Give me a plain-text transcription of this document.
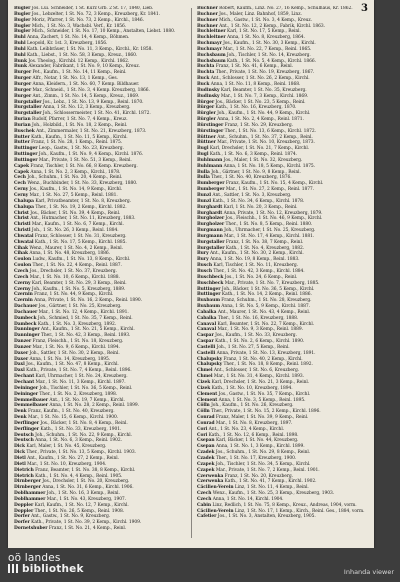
3

Bugler Jos. Lui. Schneider, 1 St. Kurz Grb. 2 St. 17, 1840, Lieb.

Bugler Jos., Lebzelter, 1 St. No. 72, 3 Kemp., Kreuzberg, Kr. 1841.

Bugler Moriz, Pfarrer, 1 St. No. 73, 2 Kemp., Kirchl., 1846.

Bugler Mich., 1 St. No. 3, Wachsbl. Verf., Kr. 1856.

Bugler Mich., Schneider, 1 St. No. 17, 10 Kemp., Anstalten, Liebst. 1880.

Buhl Anna, Zachert, 1 St. No. 14, 4 Kemp., Böhmen.

Buhl Leopold, Kr. 1st. 3, Kreuzberg, 1856.

Buhl Kath. Leibbräuer, 1 St. No. 11, 3 Kemp., Kirchl., Kr. 1858.

Buhl Kath., Liebst., 1 St. No. 58, 3 Kemp., Kreuz., 1860.

Bunk Jos. Theolog., Kirchbl. 12 Kemp., Kirchl. 1862.

Bunk Alexander, Fabrikant, 1 St. No. 9, 10 Kemp., Kreuz.

Burger Pet., Kaufm., 1 St. No. 14, 11 Kemp., Reinl.

Burger Alfr., Notar, 1 St. No. 13, 1 Kemp., Ges.

Burger Anna, Kleidern., 1 St. No. 60, 7 Kemp. Bildhauer.

Burger Mar., Schneid., 1 St. No. 3, 4 Kemp. Kreuzberg, 1866.

Burger Ant., Zimm., 1 St. No. 14, 5 Kemp., Kreuz., 1869.

Burgstaller Jos., Lebz., 1 St. No. 13, 9 Kemp., Reinl. 1870.

Burgstaller Anna, 1 St. No. 12, 3 Kemp., Kreuzberg.

Burgstaller Joh., Schlossermeister, 1 St. No. 41, Kirchl. 1872.

Burian Rudolf, Pfarrer, 1 St. No. 7, 4 Kemp., Kreuz.

Burian Joh., Holzbild., 1 St. No. 18, 2 Kemp., Reinl.

Buschek Ant., Zimmermaler, 1 St. No. 21, Kreuzberg, 1873.

Butter Kath., Kaufm., 1 St. No. 11, 5 Kemp., Kirchl.

Butter Franz, 1 St. No. 28, 1 Kemp., Reinl. 1875.

Buttinger Leop., Gastw., 1 St. No. 23, Kreuzberg.

Buttinger Joh., Kaufm., 1 St. No. 9, 4 Kemp., Kirchl. 1876.

Buttinger Mar., Private, 1 St. No. 51, 3 Kemp., Reinl.

Capek Franz, Tischler, 1 St. No. 66, 8 Kemp. Kreuzberg.

Capek Anna, 1 St. No. 2, 3 Kemp., Kirchl., 1878.

Cech Joh., Schuhm., 1 St. No. 20, 4 Kemp., Reinl.

Cech Wenz., Buchbinder, 1 St. No. 33, Kreuzberg, 1880.

Cerny Jos., Kaufm., 1 St. No. 14, 9 Kemp., Kirchl.

Cerny Mar., 1 St. No. 27, 5 Kemp., Reinl. 1881.

Chalupa Karl, Privatbeamter, 1 St. No. 8, Kreuzberg.

Chalupa Ther., 1 St. No. 19, 2 Kemp., Kirchl. 1882.

Christ Jos., Bäcker, 1 St. No. 39, 4 Kemp., Reinl.

Christ Ant., Hutmacher, 1 St. No. 11, Kreuzberg, 1883.

Christl Mar., Kaufm., 1 St. No. 6, 7 Kemp., Kirchl.

Christl Joh., 1 St. No. 26, 3 Kemp., Reinl. 1884.

Chwatal Franz, Schlosser, 1 St. No. 31, Kreuzberg.

Chwatal Kath., 1 St. No. 17, 5 Kemp., Kirchl. 1885.

Cihak Wenz., Maurer, 1 St. No. 4, 2 Kemp., Reinl.

Cihak Anna, 1 St. No. 48, Kreuzberg, 1886.

Coulon Ludw., Kaufm., 1 St. No. 13, 8 Kemp., Kirchl.

Coulon Ther., 1 St. No. 22, 4 Kemp., Reinl. 1887.

Czech Jos., Drechsler, 1 St. No. 37, Kreuzberg.

Czech Mar., 1 St. No. 10, 6 Kemp., Kirchl. 1888.

Czerny Karl, Beamter, 1 St. No. 29, 3 Kemp., Reinl.

Czerny Joh., Kaufm., 1 St. No. 5, Kreuzberg, 1889.

Czernin Franz, 1 St. No. 44, 9 Kemp., Kirchl.

Czernin Anna, Private, 1 St. No. 16, 2 Kemp., Reinl. 1890.

Dachauer Jos., Gärtner, 1 St. No. 25, Kreuzberg.

Dachauer Mar., 1 St. No. 12, 4 Kemp., Kirchl. 1891.

Dambeck Joh., Schmied, 1 St. No. 35, 7 Kemp., Reinl.

Dambeck Kath., 1 St. No. 3, Kreuzberg, 1892.

Danninger Ant., Kaufm., 1 St. No. 21, 5 Kemp., Kirchl.

Danninger Ther., 1 St. No. 42, 3 Kemp., Reinl. 1893.

Danzer Franz, Fleischh., 1 St. No. 18, Kreuzberg.

Danzer Mar., 1 St. No. 9, 6 Kemp., Kirchl. 1894.

Daxer Joh., Sattler, 1 St. No. 30, 2 Kemp., Reinl.

Daxer Anna, 1 St. No. 14, Kreuzberg, 1895.

Daxl Jos., Kaufm., 1 St. No. 47, 8 Kemp., Kirchl.

Daxl Kath., Private, 1 St. No. 7, 4 Kemp., Reinl. 1896.

Dechant Karl, Uhrmacher, 1 St. No. 24, Kreuzberg.

Dechant Mar., 1 St. No. 11, 3 Kemp., Kirchl. 1897.

Deininger Joh., Tischler, 1 St. No. 36, 5 Kemp., Reinl.

Deininger Ther., 1 St. No. 2, Kreuzberg, 1898.

Demmelbauer Ant., 1 St. No. 19, 7 Kemp., Kirchl.

Demmelbauer Anna, 1 St. No. 28, 2 Kemp., Reinl. 1899.

Denk Franz, Kaufm., 1 St. No. 40, Kreuzberg.

Denk Mar., 1 St. No. 15, 6 Kemp., Kirchl. 1900.

Derflinger Jos., Bäcker, 1 St. No. 8, 4 Kemp., Reinl.

Derflinger Kath., 1 St. No. 33, Kreuzberg, 1901.

Deutsch Joh., Schuhm., 1 St. No. 22, 9 Kemp., Kirchl.

Deutsch Anna, 1 St. No. 6, 3 Kemp., Reinl. 1902.

Dick Karl, Maler, 1 St. No. 45, Kreuzberg.

Dick Ther., Private, 1 St. No. 13, 5 Kemp., Kirchl. 1903.

Dietl Ant., Kaufm., 1 St. No. 27, 2 Kemp., Reinl.

Dietl Mar., 1 St. No. 10, Kreuzberg, 1904.

Dietrich Franz, Beamter, 1 St. No. 38, 8 Kemp., Kirchl.

Dietrich Kath., 1 St. No. 4, 4 Kemp., Reinl. 1905.

Dirnberger Jos., Drechsler, 1 St. No. 20, Kreuzberg.

Dirnberger Anna, 1 St. No. 31, 6 Kemp., Kirchl. 1906.

Doblhammer Joh., 1 St. No. 16, 3 Kemp., Reinl.

Doblhammer Mar., 1 St. No. 43, Kreuzberg, 1907.

Doppler Karl, Kaufm., 1 St. No. 12, 7 Kemp., Kirchl.

Doppler Ther., 1 St. No. 26, 5 Kemp., Reinl. 1908.

Dorfer Ant., Gastw., 1 St. No. 9, Kreuzberg.

Dorfer Kath., Private, 1 St. No. 39, 2 Kemp., Kirchl. 1909.

Dornetshuber Franz, 1 St. No. 21, 4 Kemp., Reinl.

Buchner Robert, Kaufm., Linz. No. 27, 16 Kemp., Schulhaus, Kr. 1862.

Buchner Jos., Maler, Linz. Bahnhof, 1859, Linz.

Buchner Mich., Gastw., 1 St. No. 3, 4 Kemp., Kreuz.

Buchner Ant., 1 St. No. 12, 2 Kemp., Fabrik, Kirchl. 1863.

Buchleitner Karl, 1 St. No. 17, 5 Kemp., Reinl.

Buchleitner Anna, 1 St. No. 8, Kreuzberg, 1864.

Buchmayr Jos., Kaufm., 1 St. No. 30, 3 Kemp., Kirchl.

Buchmayr Mar., 1 St. No. 22, 7 Kemp., Reinl. 1865.

Buchsbaum Joh., Tischler, 1 St. No. 14, Kreuzberg.

Buchsbaum Kath., 1 St. No. 5, 4 Kemp., Kirchl. 1866.

Buchta Franz, 1 St. No. 41, 6 Kemp., Reinl.

Buchta Ther., Private, 1 St. No. 19, Kreuzberg, 1867.

Buck Ant., Schlosser, 1 St. No. 26, 2 Kemp., Kirchl.

Buck Anna, 1 St. No. 11, 8 Kemp., Reinl. 1868.

Budinsky Karl, Beamter, 1 St. No. 35, Kreuzberg.

Budinsky Mar., 1 St. No. 7, 3 Kemp., Kirchl. 1869.

Bürger Jos., Bäcker, 1 St. No. 23, 5 Kemp., Reinl.

Bürger Kath., 1 St. No. 16, Kreuzberg, 1870.

Bürgler Joh., Kaufm., 1 St. No. 44, 9 Kemp., Kirchl.

Bürgler Anna, 1 St. No. 2, 4 Kemp., Reinl. 1871.

Bürstinger Franz, 1 St. No. 29, Kreuzberg.

Bürstinger Ther., 1 St. No. 13, 6 Kemp., Kirchl. 1872.

Büttner Ant., Schuhm., 1 St. No. 37, 2 Kemp., Reinl.

Büttner Mar., Private, 1 St. No. 10, Kreuzberg, 1873.

Bugl Karl, Drechsler, 1 St. No. 21, 7 Kemp., Kirchl.

Bugl Kath., 1 St. No. 6, 3 Kemp., Reinl. 1874.

Buhlmann Jos., Maler, 1 St. No. 32, Kreuzberg.

Buhlmann Anna, 1 St. No. 18, 5 Kemp., Kirchl. 1875.

Bulla Joh., Gärtner, 1 St. No. 9, 8 Kemp., Reinl.

Bulla Ther., 1 St. No. 40, Kreuzberg, 1876.

Bumberger Franz, Kaufm., 1 St. No. 15, 4 Kemp., Kirchl.

Bumberger Mar., 1 St. No. 27, 2 Kemp., Reinl. 1877.

Bunzl Ant., Sattler, 1 St. No. 3, Kreuzberg.

Bunzl Kath., 1 St. No. 34, 6 Kemp., Kirchl. 1878.

Burghardt Karl, 1 St. No. 20, 3 Kemp., Reinl.

Burghardt Anna, Private, 1 St. No. 12, Kreuzberg, 1879.

Burgholzer Jos., Fleischh., 1 St. No. 46, 9 Kemp., Kirchl.

Burgholzer Ther., 1 St. No. 8, 5 Kemp., Reinl. 1880.

Burgmann Joh., Uhrmacher, 1 St. No. 25, Kreuzberg.

Burgmann Mar., 1 St. No. 17, 4 Kemp., Kirchl. 1881.

Burgstaller Franz, 1 St. No. 38, 7 Kemp., Reinl.

Burgstaller Kath., 1 St. No. 4, Kreuzberg, 1882.

Bury Ant., Kaufm., 1 St. No. 30, 2 Kemp., Kirchl.

Bury Anna, 1 St. No. 19, 8 Kemp., Reinl. 1883.

Busch Karl, Tischler, 1 St. No. 11, Kreuzberg.

Busch Ther., 1 St. No. 42, 3 Kemp., Kirchl. 1884.

Buschbeck Jos., 1 St. No. 24, 6 Kemp., Reinl.

Buschbeck Mar., Private, 1 St. No. 7, Kreuzberg, 1885.

Buttinger Joh., Bäcker, 1 St. No. 36, 5 Kemp., Kirchl.

Buttinger Kath., 1 St. No. 14, 2 Kemp., Reinl. 1886.

Buxbaum Franz, Schuhm., 1 St. No. 28, Kreuzberg.

Buxbaum Anna, 1 St. No. 5, 9 Kemp., Kirchl. 1887.

Cabalka Ant., Maurer, 1 St. No. 43, 4 Kemp., Reinl.

Cabalka Ther., 1 St. No. 16, Kreuzberg, 1888.

Canaval Karl, Beamter, 1 St. No. 22, 7 Kemp., Kirchl.

Canaval Mar., 1 St. No. 9, 3 Kemp., Reinl. 1889.

Caspar Jos., Kaufm., 1 St. No. 33, Kreuzberg.

Caspar Kath., 1 St. No. 2, 6 Kemp., Kirchl. 1890.

Castelli Joh., 1 St. No. 27, 5 Kemp., Reinl.

Castelli Anna, Private, 1 St. No. 13, Kreuzberg, 1891.

Chalupsky Franz, 1 St. No. 40, 2 Kemp., Kirchl.

Chalupsky Ther., 1 St. No. 18, 8 Kemp., Reinl. 1892.

Chmel Ant., Schlosser, 1 St. No. 6, Kreuzberg.

Chmel Mar., 1 St. No. 31, 4 Kemp., Kirchl. 1893.

Cizek Karl, Drechsler, 1 St. No. 21, 3 Kemp., Reinl.

Cizek Kath., 1 St. No. 10, Kreuzberg, 1894.

Clement Jos., Gastw., 1 St. No. 35, 7 Kemp., Kirchl.

Clement Anna, 1 St. No. 3, 5 Kemp., Reinl. 1895.

Cölln Joh., Kaufm., 1 St. No. 26, Kreuzberg.

Cölln Ther., Private, 1 St. No. 15, 2 Kemp., Kirchl. 1896.

Conrad Franz, Maler, 1 St. No. 39, 9 Kemp., Reinl.

Conrad Mar., 1 St. No. 8, Kreuzberg, 1897.

Cori Ant., 1 St. No. 23, 4 Kemp., Kirchl.

Cori Kath., 1 St. No. 12, 6 Kemp., Reinl. 1898.

Csepan Karl, Bäcker, 1 St. No. 44, Kreuzberg.

Csepan Anna, 1 St. No. 1, 3 Kemp., Kirchl. 1899.

Czadek Jos., Schuhm., 1 St. No. 29, 8 Kemp., Reinl.

Czadek Ther., 1 St. No. 17, Kreuzberg, 1900.

Czapek Joh., Tischler, 1 St. No. 34, 5 Kemp., Kirchl.

Czapek Mar., Private, 1 St. No. 7, 2 Kemp., Reinl. 1901.

Czerwenka Franz, 1 St. No. 20, Kreuzberg.

Czerwenka Kath., 1 St. No. 41, 7 Kemp., Kirchl. 1902.

Cäcilien-Verein Linz, 1 St. No. 11, 4 Kemp., Reinl.

Czech Wenz., Kaufm., 1 St. No. 25, 3 Kemp., Kreuzberg, 1903.

Czech Anna, 1 St. No. 14, Kirchl. 1904.

Cabin Linz, Redlich, 1 St. No. 75, 8 Kemp., Kreuz., Andreas, 1904, vorm.

Cäcilien-Verein Linz, 1 St. No. 17, 1 Kemp., Kirch., Reinl. Ges., 1884, vorm.

Cafetier Jos., 1 St. No. 3, Anstalten, Kreuzberg, 1905.

oö landes
bibliothek	Inhanda viewer
